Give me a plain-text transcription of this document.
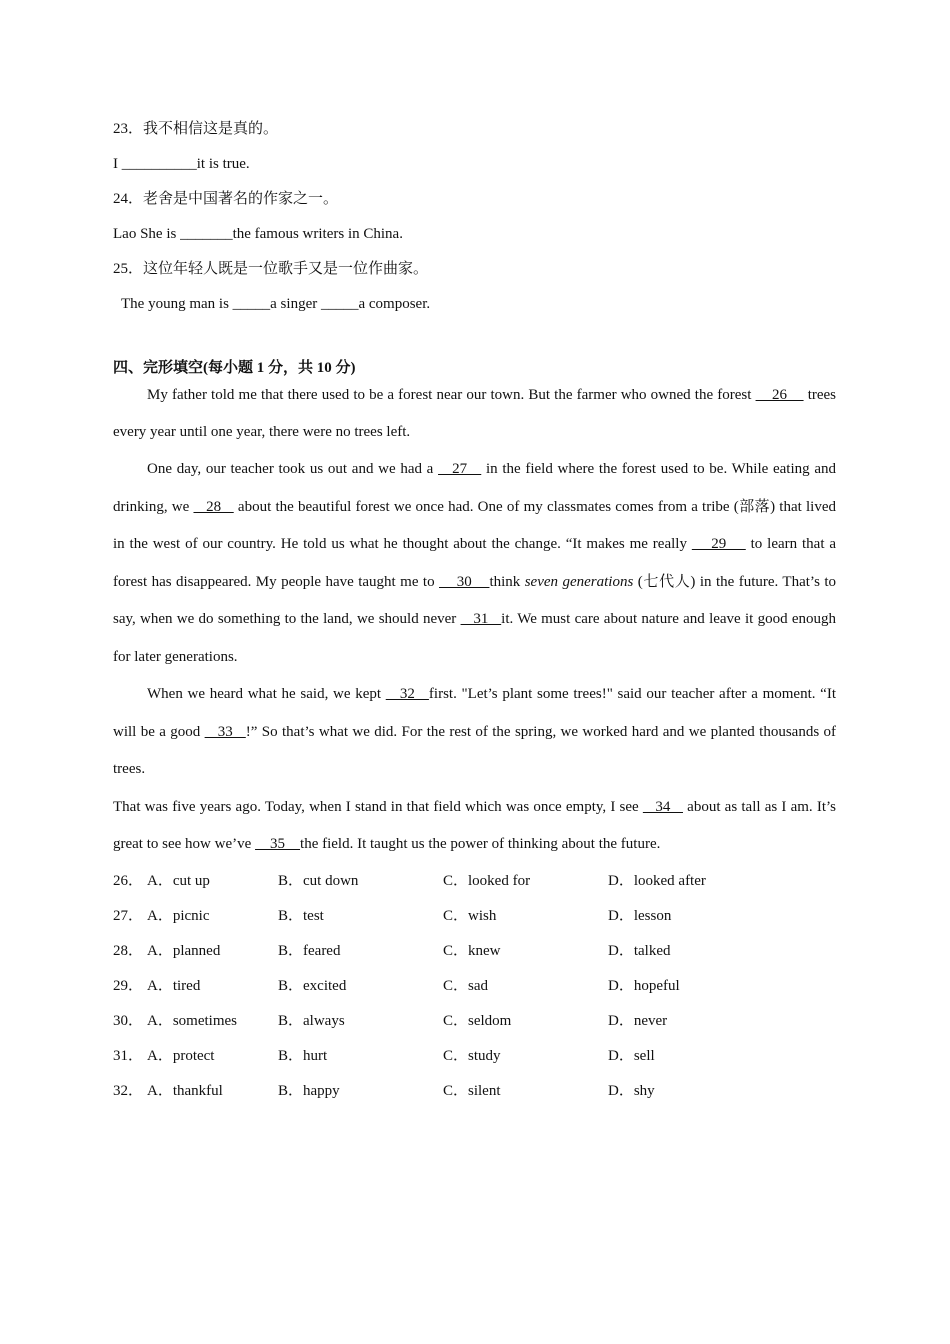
23．我不相信这是真的。
I __________it is true.
24．老舍是中国著名的作家之一。
Lao She is _______the famous writers in China.
25．这位年轻人既是一位歌手又是一位作曲家。
The young man is _____a singer _____a composer.
四、完形填空(每小题 1 分，共 10 分)
My father told me that there used to be a forest near our town. But the farmer who owned the forest     26     trees every year until one year, there were no trees left.
One day, our teacher took us out and we had a    27    in the field where the forest used to be. While eating and drinking, we    28    about the beautiful forest we once had. One of my classmates comes from a tribe (部落) that lived in the west of our country. He told us what he thought about the change. “It makes me really     29     to learn that a forest has disappeared. My people have taught me to     30    think seven generations (七代人) in the future. That’s to say, when we do something to the land, we should never    31   it. We must care about nature and leave it good enough for later generations.
When we heard what he said, we kept    32   first. "Let’s plant some trees!" said our teacher after a moment. “It will be a good    33   !” So that’s what we did. For the rest of the spring, we worked hard and we planted thousands of trees.
That was five years ago. Today, when I stand in that field which was once empty, I see    34    about as tall as I am. It’s great to see how we’ve     35    the field. It taught us the power of thinking about the future.
26． A．cut up	B．cut down	C．looked for	D．looked after
27． A．picnic	B．test	C．wish	D．lesson
28． A．planned	B．feared	C．knew	D．talked
29． A．tired	B．excited	C．sad	D．hopeful
30． A．sometimes	B．always	C．seldom	D．never
31． A．protect	B．hurt	C．study	D．sell
32． A．thankful	B．happy	C．silent	D．shy
